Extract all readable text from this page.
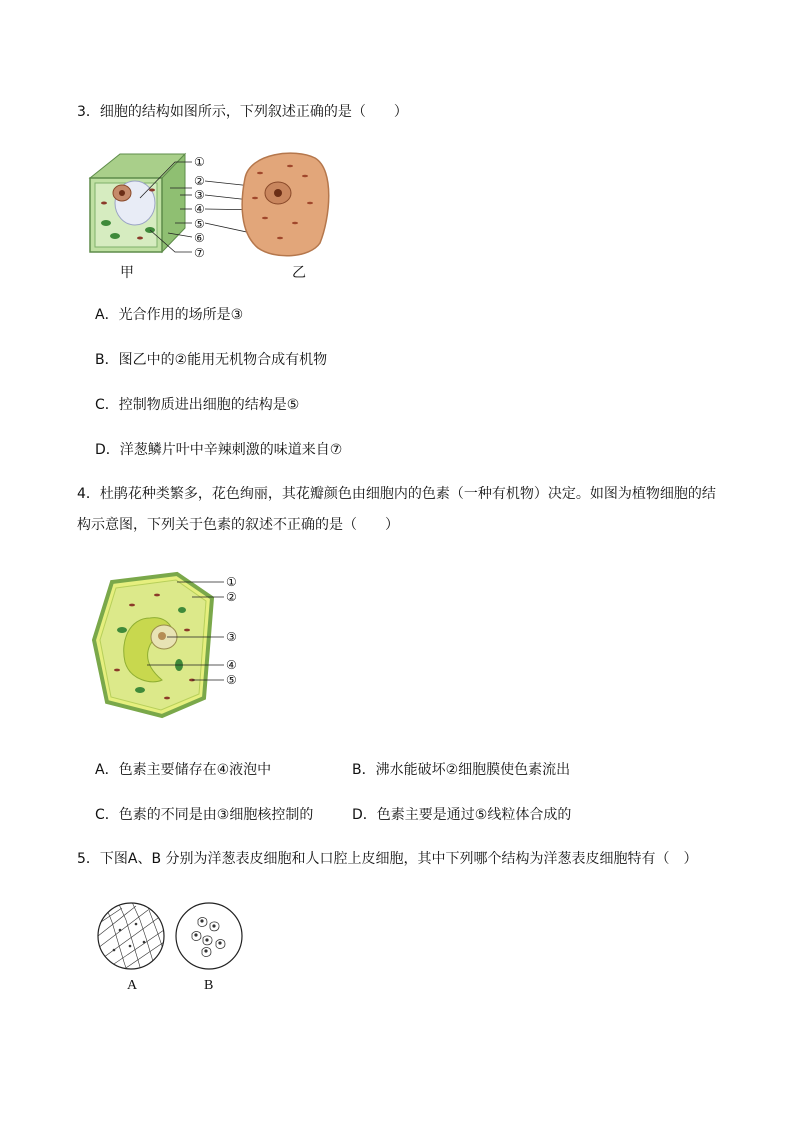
3．细胞的结构如图所示，下列叙述正确的是（　　）
①
②
③
④
⑤
⑥
⑦
甲	乙
A．光合作用的场所是③
B．图乙中的②能用无机物合成有机物
C．控制物质进出细胞的结构是⑤
D．洋葱鳞片叶中辛辣刺激的味道来自⑦
4．杜鹃花种类繁多，花色绚丽，其花瓣颜色由细胞内的色素（一种有机物）决定。如图为植物细胞的结
构示意图，下列关于色素的叙述不正确的是（　　）
①
②
③
④
⑤
A．色素主要储存在④液泡中	B．沸水能破坏②细胞膜使色素流出
C．色素的不同是由③细胞核控制的	D．色素主要是通过⑤线粒体合成的
5．下图A、B 分别为洋葱表皮细胞和人口腔上皮细胞，其中下列哪个结构为洋葱表皮细胞特有（　）
A	B
